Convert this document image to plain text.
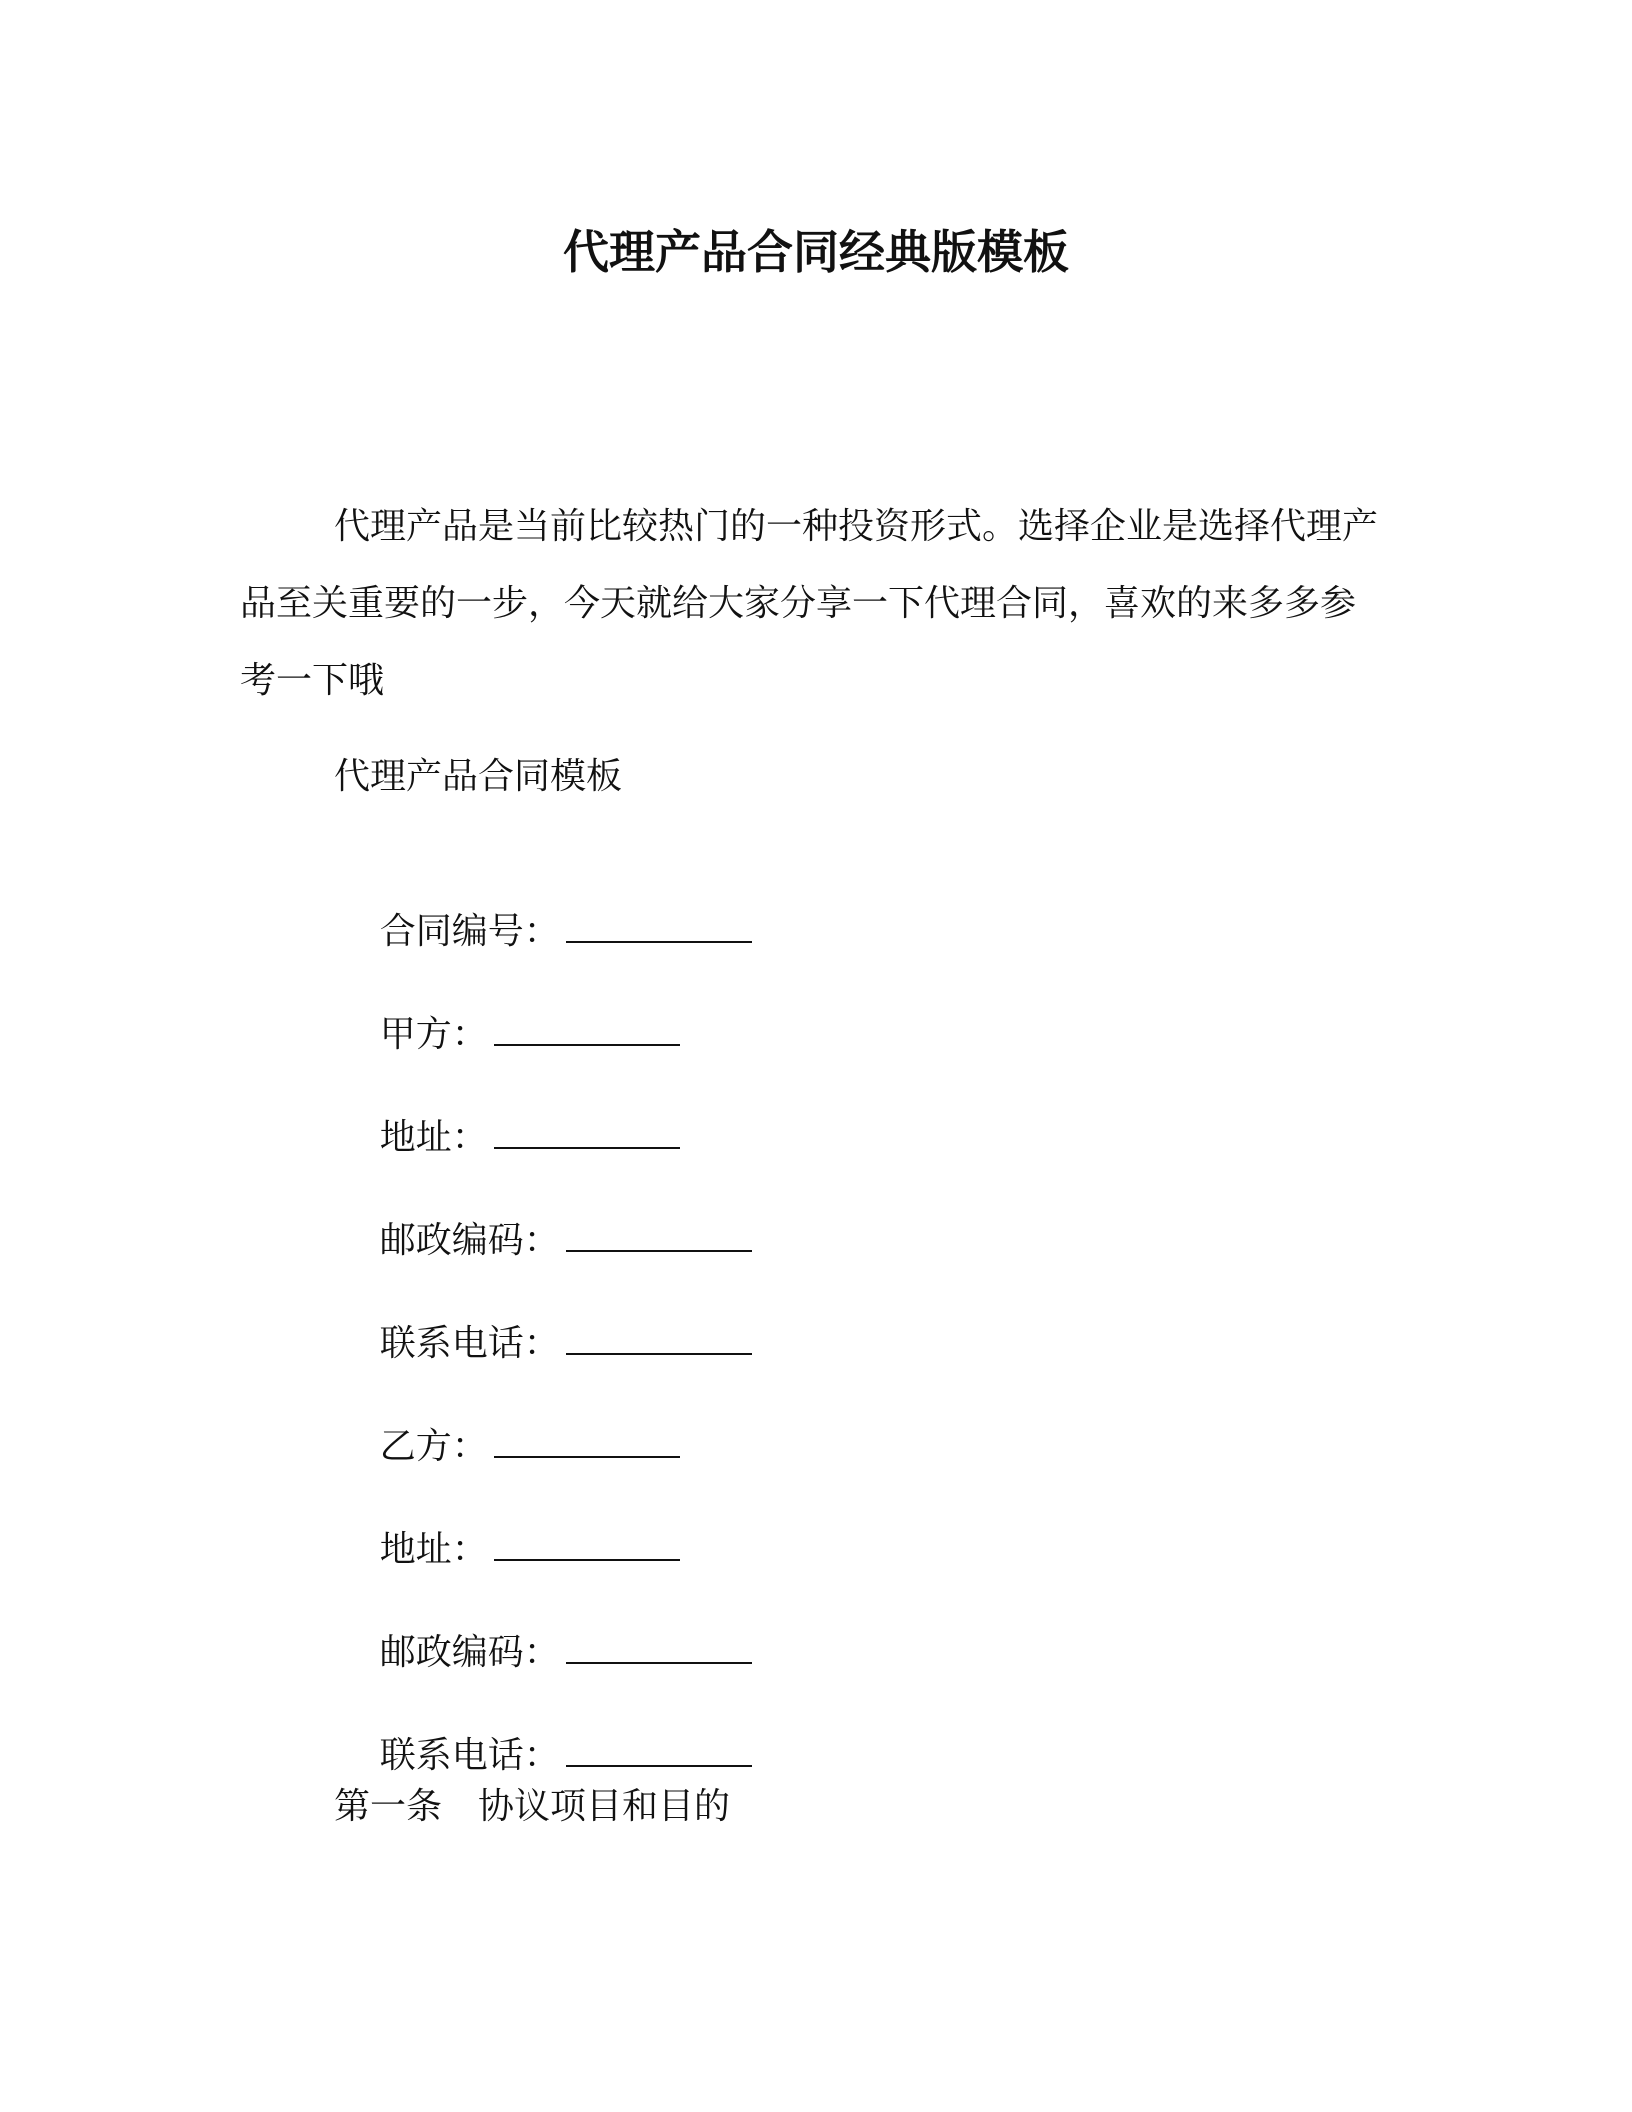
代理产品合同经典版模板

代理产品是当前比较热门的一种投资形式。选择企业是选择代理产品至关重要的一步，今天就给大家分享一下代理合同，喜欢的来多多参考一下哦

代理产品合同模板

合同编号：

甲方：

地址：

邮政编码：

联系电话：

乙方：

地址：

邮政编码：

联系电话：

第一条　协议项目和目的
